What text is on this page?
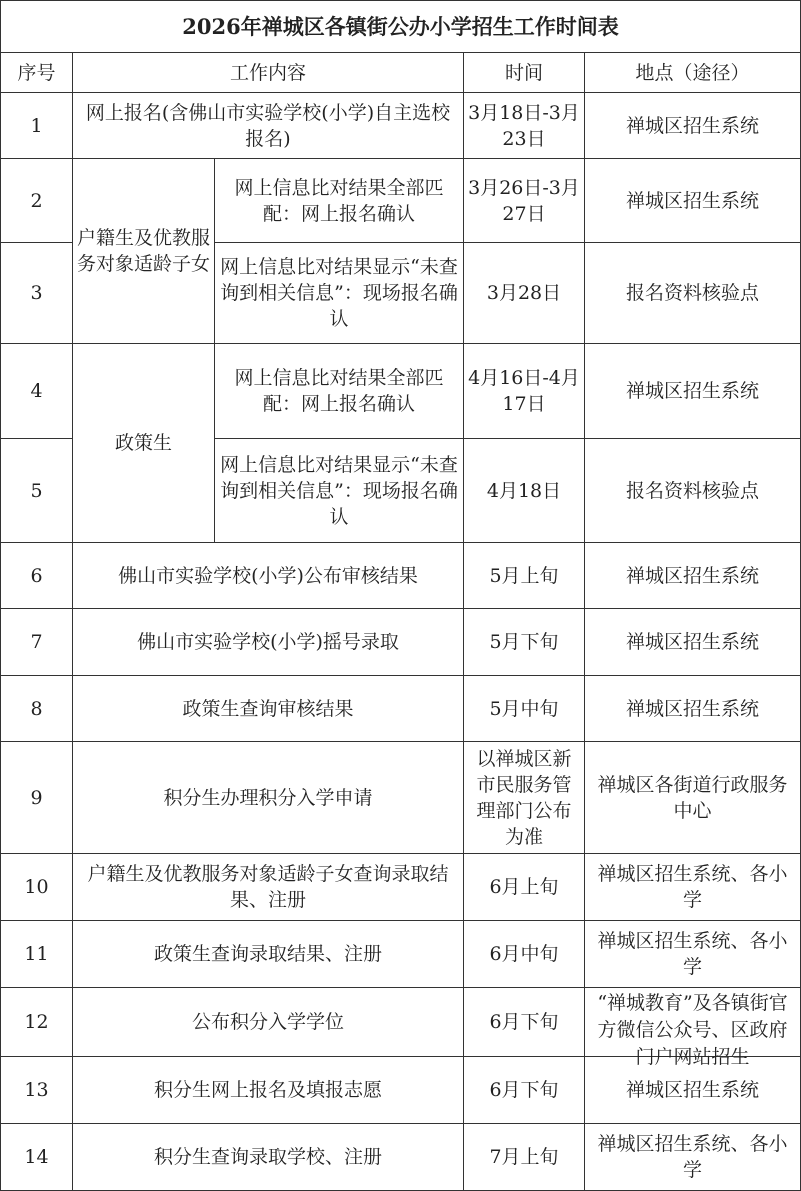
2026年禅城区各镇街公办小学招生工作时间表				
序号	工作内容		时间	地点（途径）
1	网上报名(含佛山市实验学校(小学)自主选校报名)		3月18日-3月23日	禅城区招生系统
2	户籍生及优教服务对象适龄子女	网上信息比对结果全部匹配：网上报名确认	3月26日-3月27日	禅城区招生系统
3		网上信息比对结果显示“未查询到相关信息”：现场报名确认	3月28日	报名资料核验点
4	政策生	网上信息比对结果全部匹配：网上报名确认	4月16日-4月17日	禅城区招生系统
5		网上信息比对结果显示“未查询到相关信息”：现场报名确认	4月18日	报名资料核验点
6	佛山市实验学校(小学)公布审核结果		5月上旬	禅城区招生系统
7	佛山市实验学校(小学)摇号录取		5月下旬	禅城区招生系统
8	政策生查询审核结果		5月中旬	禅城区招生系统
9	积分生办理积分入学申请		以禅城区新市民服务管理部门公布为准	禅城区各街道行政服务中心
10	户籍生及优教服务对象适龄子女查询录取结果、注册		6月上旬	禅城区招生系统、各小学
11	政策生查询录取结果、注册		6月中旬	禅城区招生系统、各小学
12	公布积分入学学位		6月下旬	“禅城教育”及各镇街官方微信公众号、区政府门户网站招生

13	积分生网上报名及填报志愿		6月下旬	禅城区招生系统
14	积分生查询录取学校、注册		7月上旬	禅城区招生系统、各小学
